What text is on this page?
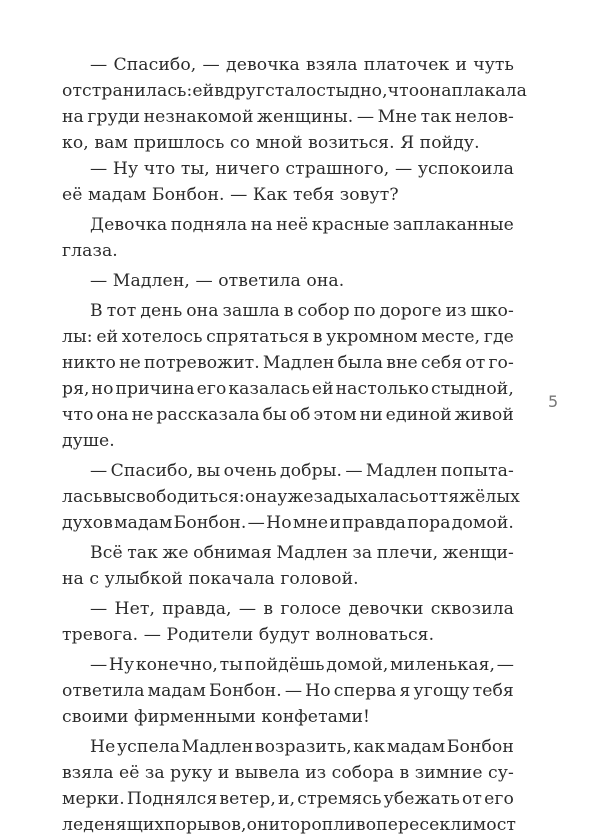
— Спасибо, — девочка взяла платочек и чуть
отстранилась: ей вдруг стало стыдно, что она плакала
на груди незнакомой женщины. — Мне так нелов-
ко, вам пришлось со мной возиться. Я пойду.
— Ну что ты, ничего страшного, — успокоила
её мадам Бонбон. — Как тебя зовут?
Девочка подняла на неё красные заплаканные
глаза.
— Мадлен, — ответила она.
В тот день она зашла в собор по дороге из шко-
лы: ей хотелось спрятаться в укромном месте, где
никто не потревожит. Мадлен была вне себя от го-
ря, но причина его казалась ей настолько стыдной,
что она не рассказала бы об этом ни единой живой
душе.
— Спасибо, вы очень добры. — Мадлен попыта-
лась высвободиться: она уже задыхалась от тяжёлых
духов мадам Бонбон. — Но мне и правда пора домой.
Всё так же обнимая Мадлен за плечи, женщи-
на с улыбкой покачала головой.
— Нет, правда, — в голосе девочки сквозила
тревога. — Родители будут волноваться.
— Ну конечно, ты пойдёшь домой, миленькая, —
ответила мадам Бонбон. — Но сперва я угощу тебя
своими фирменными конфетами!
Не успела Мадлен возразить, как мадам Бонбон
взяла её за руку и вывела из собора в зимние су-
мерки. Поднялся ветер, и, стремясь убежать от его
леденящих порывов, они торопливо пересекли мост
5
